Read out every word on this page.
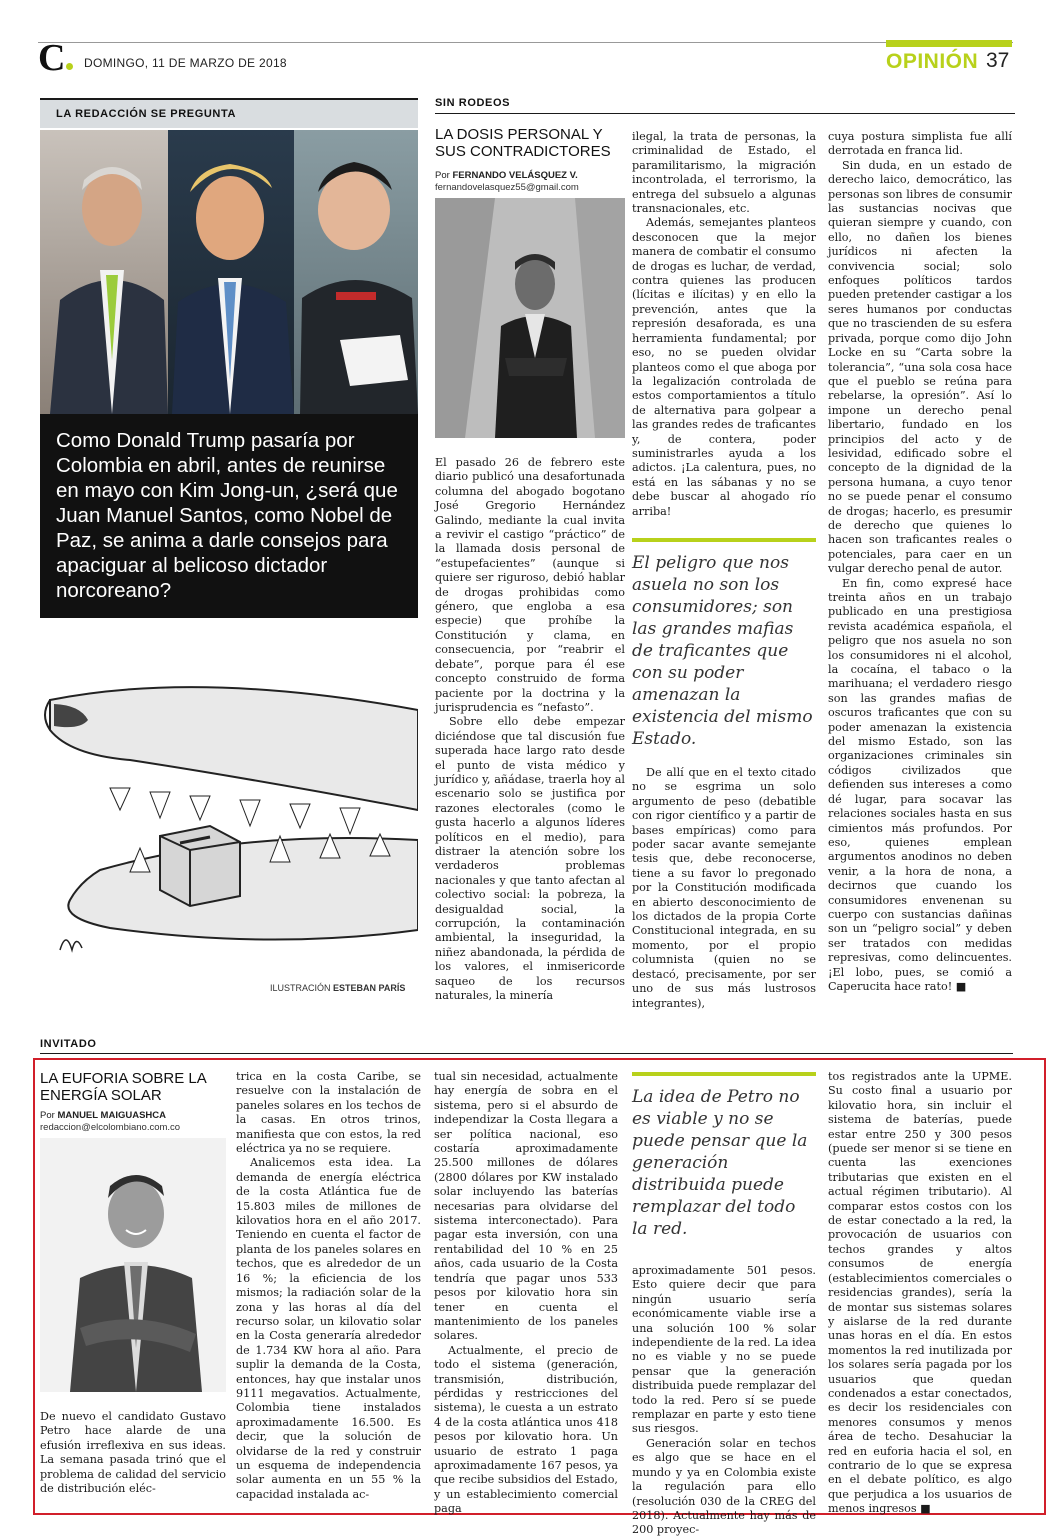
C	DOMINGO, 11 DE MARZO DE 2018	OPINIÓN 37
LA REDACCIÓN SE PREGUNTA
Como Donald Trump pasaría por Colombia en abril, antes de reunirse en mayo con Kim Jong-un, ¿será que Juan Manuel Santos, como Nobel de Paz, se anima a darle consejos para apaciguar al belicoso dictador norcoreano?
ILUSTRACIÓN ESTEBAN PARÍS
SIN RODEOS
LA DOSIS PERSONAL Y SUS CONTRADICTORES
Por FERNANDO VELÁSQUEZ V.
fernandovelasquez55@gmail.com

El pasado 26 de febrero este diario publicó una desafortunada columna del abogado bogotano José Gregorio Hernández Galindo, mediante la cual invita a revivir el castigo “práctico” de la llamada dosis personal de “estupefacientes” (aunque si quiere ser riguroso, debió hablar de drogas prohibidas como género, que engloba a esa especie) que prohíbe la Constitución y clama, en consecuencia, por “reabrir el debate”, porque para él ese concepto construido de forma paciente por la doctrina y la jurisprudencia es “nefasto”.

Sobre ello debe empezar diciéndose que tal discusión fue superada hace largo rato desde el punto de vista médico y jurídico y, añádase, traerla hoy al escenario solo se justifica por razones electorales (como le gusta hacerlo a algunos líderes políticos en el medio), para distraer la atención sobre los verdaderos problemas nacionales y que tanto afectan al colectivo social: la pobreza, la desigualdad social, la corrupción, la contaminación ambiental, la inseguridad, la niñez abandonada, la pérdida de los valores, el inmisericorde saqueo de los recursos naturales, la minería

ilegal, la trata de personas, la criminalidad de Estado, el paramilitarismo, la migración incontrolada, el terrorismo, la entrega del subsuelo a algunas transnacionales, etc.

Además, semejantes planteos desconocen que la mejor manera de combatir el consumo de drogas es luchar, de verdad, contra quienes las producen (lícitas e ilícitas) y en ello la prevención, antes que la represión desaforada, es una herramienta fundamental; por eso, no se pueden olvidar planteos como el que aboga por la legalización controlada de estos comportamientos a título de alternativa para golpear a las grandes redes de traficantes y, de contera, poder suministrarles ayuda a los adictos. ¡La calentura, pues, no está en las sábanas y no se debe buscar al ahogado río arriba!

El peligro que nos asuela no son los consumidores; son las grandes mafias de traficantes que con su poder amenazan la existencia del mismo Estado.

De allí que en el texto citado no se esgrima un solo argumento de peso (debatible con rigor científico y a partir de bases empíricas) como para poder sacar avante semejante tesis que, debe reconocerse, tiene a su favor lo pregonado por la Constitución modificada en abierto desconocimiento de los dictados de la propia Corte Constitucional integrada, en su momento, por el propio columnista (quien no se destacó, precisamente, por ser uno de sus más lustrosos integrantes),

cuya postura simplista fue allí derrotada en franca lid.

Sin duda, en un estado de derecho laico, democrático, las personas son libres de consumir las sustancias nocivas que quieran siempre y cuando, con ello, no dañen los bienes jurídicos ni afecten la convivencia social; solo enfoques políticos tardos pueden pretender castigar a los seres humanos por conductas que no trascienden de su esfera privada, porque como dijo John Locke en su “Carta sobre la tolerancia”, “una sola cosa hace que el pueblo se reúna para rebelarse, la opresión”. Así lo impone un derecho penal libertario, fundado en los principios del acto y de lesividad, edificado sobre el concepto de la dignidad de la persona humana, a cuyo tenor no se puede penar el consumo de drogas; hacerlo, es presumir de derecho que quienes lo hacen son traficantes reales o potenciales, para caer en un vulgar derecho penal de autor.

En fin, como expresé hace treinta años en un trabajo publicado en una prestigiosa revista académica española, el peligro que nos asuela no son los consumidores ni el alcohol, la cocaína, el tabaco o la marihuana; el verdadero riesgo son las grandes mafias de oscuros traficantes que con su poder amenazan la existencia del mismo Estado, son las organizaciones criminales sin códigos civilizados que defienden sus intereses a como dé lugar, para socavar las relaciones sociales hasta en sus cimientos más profundos. Por eso, quienes emplean argumentos anodinos no deben venir, a la hora de nona, a decirnos que cuando los consumidores envenenan su cuerpo con sustancias dañinas son un “peligro social” y deben ser tratados con medidas represivas, como delincuentes. ¡El lobo, pues, se comió a Caperucita hace rato! ■

INVITADO
LA EUFORIA SOBRE LA ENERGÍA SOLAR
Por MANUEL MAIGUASHCA
redaccion@elcolombiano.com.co

De nuevo el candidato Gustavo Petro hace alarde de una efusión irreflexiva en sus ideas. La semana pasada trinó que el problema de calidad del servicio de distribución eléc-

trica en la costa Caribe, se resuelve con la instalación de paneles solares en los techos de la casas. En otros trinos, manifiesta que con estos, la red eléctrica ya no se requiere.

Analicemos esta idea. La demanda de energía eléctrica de la costa Atlántica fue de 15.803 miles de millones de kilovatios hora en el año 2017. Teniendo en cuenta el factor de planta de los paneles solares en techos, que es alrededor de un 16 %; la eficiencia de los mismos; la radiación solar de la zona y las horas al día del recurso solar, un kilovatio solar en la Costa generaría alrededor de 1.734 KW hora al año. Para suplir la demanda de la Costa, entonces, hay que instalar unos 9111 megavatios. Actualmente, Colombia tiene instalados aproximadamente 16.500. Es decir, que la solución de olvidarse de la red y construir un esquema de independencia solar aumenta en un 55 % la capacidad instalada ac-

tual sin necesidad, actualmente hay energía de sobra en el sistema, pero si el absurdo de independizar la Costa llegara a ser política nacional, eso costaría aproximadamente 25.500 millones de dólares (2800 dólares por KW instalado solar incluyendo las baterías necesarias para olvidarse del sistema interconectado). Para pagar esta inversión, con una rentabilidad del 10 % en 25 años, cada usuario de la Costa tendría que pagar unos 533 pesos por kilovatio hora sin tener en cuenta el mantenimiento de los paneles solares.

Actualmente, el precio de todo el sistema (generación, transmisión, distribución, pérdidas y restricciones del sistema), le cuesta a un estrato 4 de la costa atlántica unos 418 pesos por kilovatio hora. Un usuario de estrato 1 paga aproximadamente 167 pesos, ya que recibe subsidios del Estado, y un establecimiento comercial paga

La idea de Petro no es viable y no se puede pensar que la generación distribuida puede remplazar del todo la red.

aproximadamente 501 pesos. Esto quiere decir que para ningún usuario sería económicamente viable irse a una solución 100 % solar independiente de la red. La idea no es viable y no se puede pensar que la generación distribuida puede remplazar del todo la red. Pero sí se puede remplazar en parte y esto tiene sus riesgos.

Generación solar en techos es algo que se hace en el mundo y ya en Colombia existe la regulación para ello (resolución 030 de la CREG del 2018). Actualmente hay más de 200 proyec-

tos registrados ante la UPME. Su costo final a usuario por kilovatio hora, sin incluir el sistema de baterías, puede estar entre 250 y 300 pesos (puede ser menor si se tiene en cuenta las exenciones tributarias que existen en el actual régimen tributario). Al comparar estos costos con los de estar conectado a la red, la provocación de usuarios con techos grandes y altos consumos de energía (establecimientos comerciales o residencias grandes), sería la de montar sus sistemas solares y aislarse de la red durante unas horas en el día. En estos momentos la red inutilizada por los solares sería pagada por los usuarios que quedan condenados a estar conectados, es decir los residenciales con menores consumos y menos área de techo. Desahuciar la red en euforia hacia el sol, en contrario de lo que se expresa en el debate político, es algo que perjudica a los usuarios de menos ingresos ■
